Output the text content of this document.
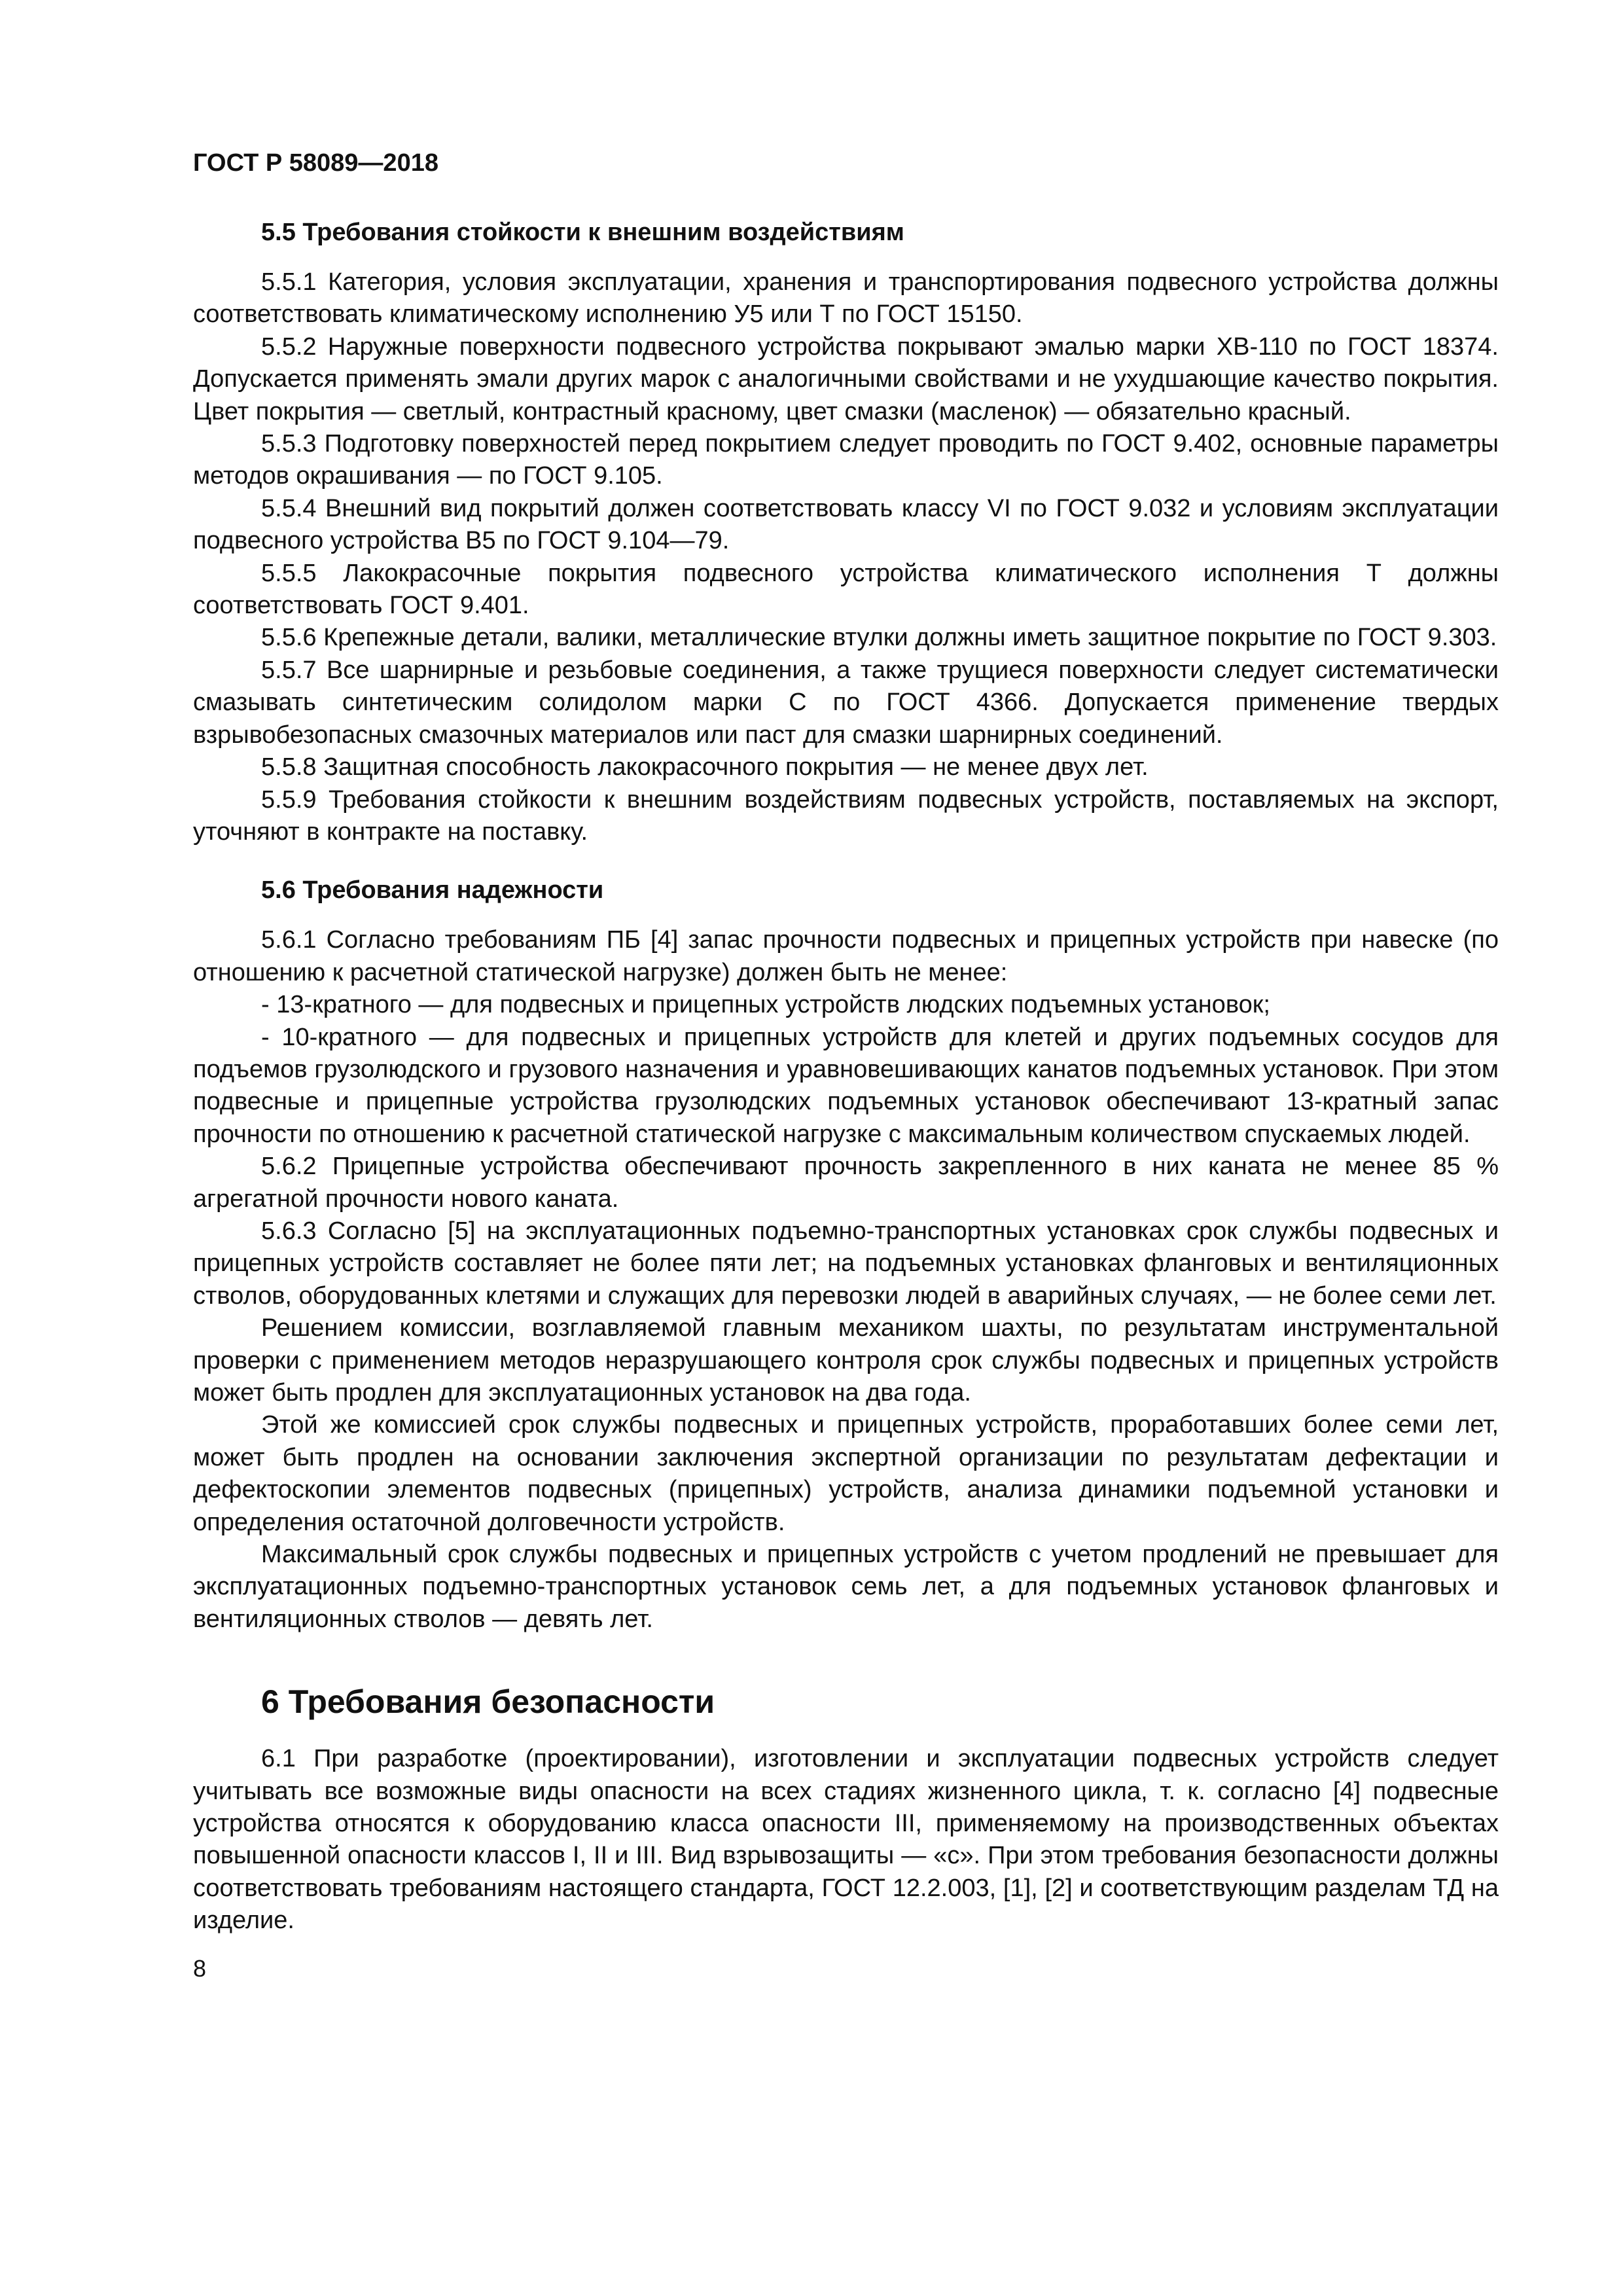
ГОСТ Р 58089—2018
5.5 Требования стойкости к внешним воздействиям

5.5.1 Категория, условия эксплуатации, хранения и транспортирования подвесного устройства должны соответствовать климатическому исполнению У5 или Т по ГОСТ 15150.

5.5.2 Наружные поверхности подвесного устройства покрывают эмалью марки ХВ-110 по ГОСТ 18374. Допускается применять эмали других марок с аналогичными свойствами и не ухудшающие качество покрытия. Цвет покрытия — светлый, контрастный красному, цвет смазки (масленок) — обязательно красный.

5.5.3 Подготовку поверхностей перед покрытием следует проводить по ГОСТ 9.402, основные параметры методов окрашивания — по ГОСТ 9.105.

5.5.4 Внешний вид покрытий должен соответствовать классу VI по ГОСТ 9.032 и условиям эксплуатации подвесного устройства В5 по ГОСТ 9.104—79.

5.5.5 Лакокрасочные покрытия подвесного устройства климатического исполнения Т должны соответствовать ГОСТ 9.401.

5.5.6 Крепежные детали, валики, металлические втулки должны иметь защитное покрытие по ГОСТ 9.303.

5.5.7 Все шарнирные и резьбовые соединения, а также трущиеся поверхности следует систематически смазывать синтетическим солидолом марки С по ГОСТ 4366. Допускается применение твердых взрывобезопасных смазочных материалов или паст для смазки шарнирных соединений.

5.5.8 Защитная способность лакокрасочного покрытия — не менее двух лет.

5.5.9 Требования стойкости к внешним воздействиям подвесных устройств, поставляемых на экспорт, уточняют в контракте на поставку.

5.6 Требования надежности

5.6.1 Согласно требованиям ПБ [4] запас прочности подвесных и прицепных устройств при навеске (по отношению к расчетной статической нагрузке) должен быть не менее:

- 13-кратного — для подвесных и прицепных устройств людских подъемных установок;

- 10-кратного — для подвесных и прицепных устройств для клетей и других подъемных сосудов для подъемов грузолюдского и грузового назначения и уравновешивающих канатов подъемных установок. При этом подвесные и прицепные устройства грузолюдских подъемных установок обеспечивают 13-кратный запас прочности по отношению к расчетной статической нагрузке с максимальным количеством спускаемых людей.

5.6.2 Прицепные устройства обеспечивают прочность закрепленного в них каната не менее 85 % агрегатной прочности нового каната.

5.6.3 Согласно [5] на эксплуатационных подъемно-транспортных установках срок службы подвесных и прицепных устройств составляет не более пяти лет; на подъемных установках фланговых и вентиляционных стволов, оборудованных клетями и служащих для перевозки людей в аварийных случаях, — не более семи лет.

Решением комиссии, возглавляемой главным механиком шахты, по результатам инструментальной проверки с применением методов неразрушающего контроля срок службы подвесных и прицепных устройств может быть продлен для эксплуатационных установок на два года.

Этой же комиссией срок службы подвесных и прицепных устройств, проработавших более семи лет, может быть продлен на основании заключения экспертной организации по результатам дефектации и дефектоскопии элементов подвесных (прицепных) устройств, анализа динамики подъемной установки и определения остаточной долговечности устройств.

Максимальный срок службы подвесных и прицепных устройств с учетом продлений не превышает для эксплуатационных подъемно-транспортных установок семь лет, а для подъемных установок фланговых и вентиляционных стволов — девять лет.

6 Требования безопасности

6.1 При разработке (проектировании), изготовлении и эксплуатации подвесных устройств следует учитывать все возможные виды опасности на всех стадиях жизненного цикла, т. к. согласно [4] подвесные устройства относятся к оборудованию класса опасности III, применяемому на производственных объектах повышенной опасности классов I, II и III. Вид взрывозащиты — «с». При этом требования безопасности должны соответствовать требованиям настоящего стандарта, ГОСТ 12.2.003, [1], [2] и соответствующим разделам ТД на изделие.

8
